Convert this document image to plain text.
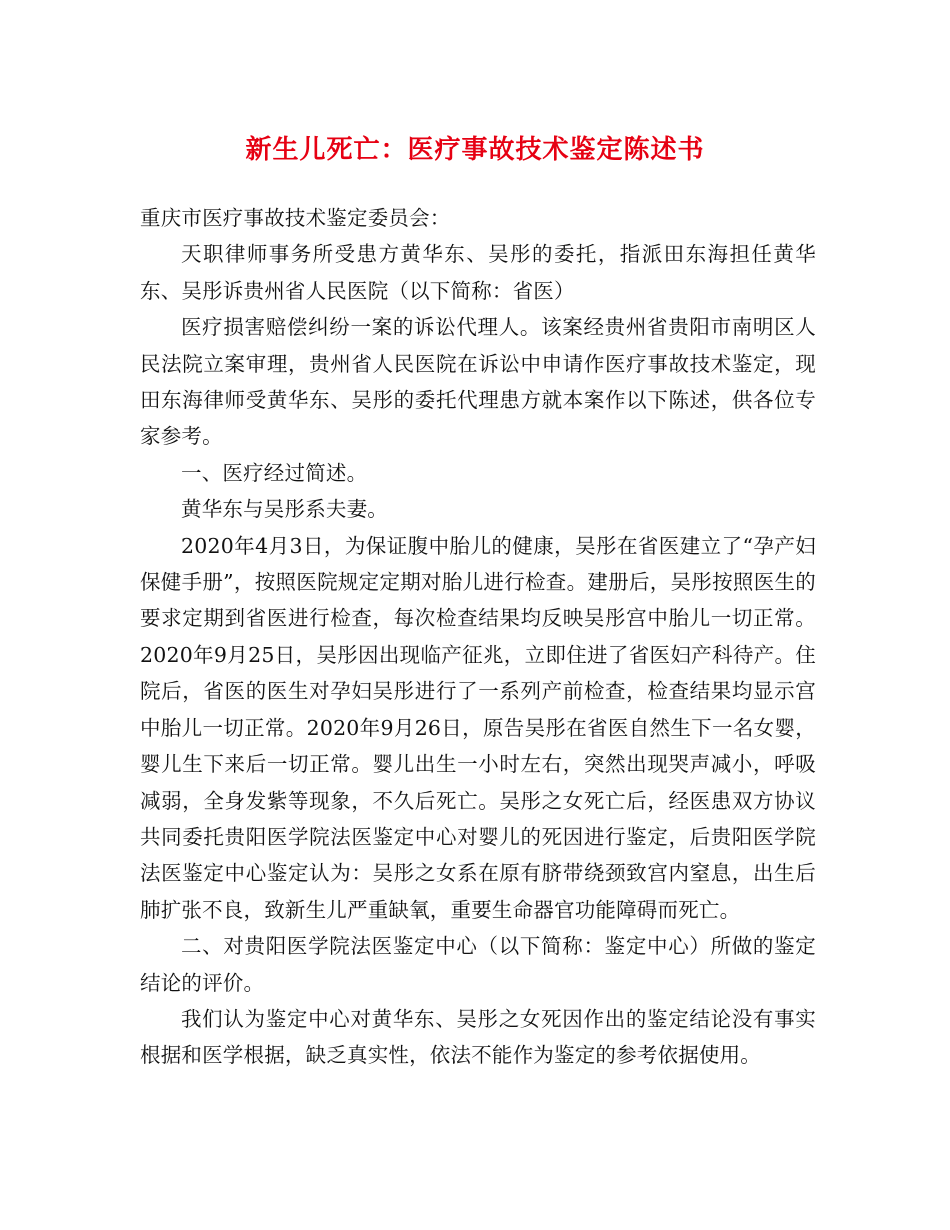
新生儿死亡：医疗事故技术鉴定陈述书

重庆市医疗事故技术鉴定委员会：

天职律师事务所受患方黄华东、吴彤的委托，指派田东海担任黄华东、吴彤诉贵州省人民医院（以下简称：省医）

医疗损害赔偿纠纷一案的诉讼代理人。该案经贵州省贵阳市南明区人民法院立案审理，贵州省人民医院在诉讼中申请作医疗事故技术鉴定，现田东海律师受黄华东、吴彤的委托代理患方就本案作以下陈述，供各位专家参考。

一、医疗经过简述。

黄华东与吴彤系夫妻。

2020年4月3日，为保证腹中胎儿的健康，吴彤在省医建立了“孕产妇保健手册”，按照医院规定定期对胎儿进行检查。建册后，吴彤按照医生的要求定期到省医进行检查，每次检查结果均反映吴彤宫中胎儿一切正常。2020年9月25日，吴彤因出现临产征兆，立即住进了省医妇产科待产。住院后，省医的医生对孕妇吴彤进行了一系列产前检查，检查结果均显示宫中胎儿一切正常。2020年9月26日，原告吴彤在省医自然生下一名女婴，婴儿生下来后一切正常。婴儿出生一小时左右，突然出现哭声减小，呼吸减弱，全身发紫等现象，不久后死亡。吴彤之女死亡后，经医患双方协议共同委托贵阳医学院法医鉴定中心对婴儿的死因进行鉴定，后贵阳医学院法医鉴定中心鉴定认为：吴彤之女系在原有脐带绕颈致宫内窒息，出生后肺扩张不良，致新生儿严重缺氧，重要生命器官功能障碍而死亡。

二、对贵阳医学院法医鉴定中心（以下简称：鉴定中心）所做的鉴定结论的评价。

我们认为鉴定中心对黄华东、吴彤之女死因作出的鉴定结论没有事实根据和医学根据，缺乏真实性，依法不能作为鉴定的参考依据使用。
